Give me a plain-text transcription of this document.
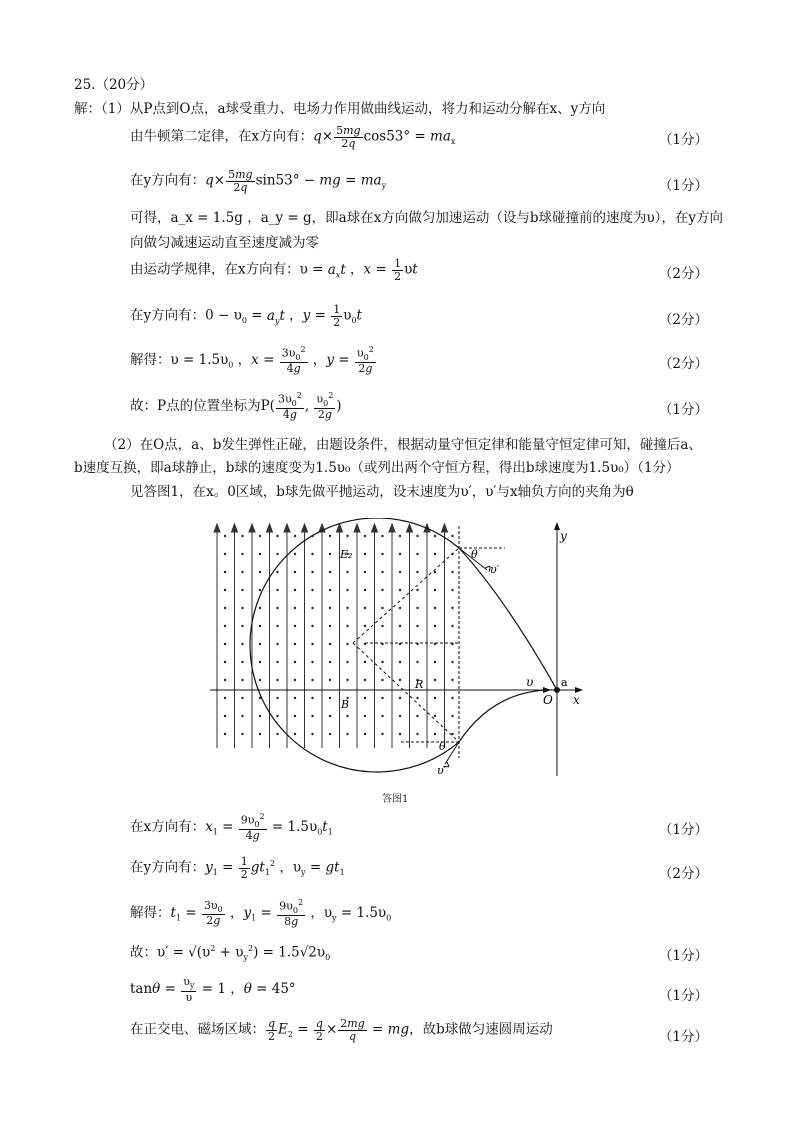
25.（20分）
解：（1）从P点到O点，a球受重力、电场力作用做曲线运动，将力和运动分解在x、y方向
由牛顿第二定律，在x方向有：$q\times \frac{5mg}{2q} \cos 53^\circ = ma_x$	（1分）
在y方向有：$q\times \frac{5mg}{2q} \sin 53^\circ$ − mg = $ma_y$	（1分）
可得，a_x = 1.5g ，a_y = g，即a球在x方向做匀加速运动（设与b球碰撞前的速度为υ），在y方向
向做匀减速运动直至速度减为零
由运动学规律，在x方向有：$\upsilon = a_xt$ ，$x = \frac{1}{2}$ υt	（2分）
在y方向有：$0 - \upsilon_0 = a_yt$ ，$y = \frac{1}{2} \upsilon_0t$	（2分）
解得：$\upsilon = 1.5\upsilon_0$ ，$x = \frac{3\upsilon_0^2}{4g}$ ，$y = \frac{\upsilon_0^2}{2g}$	（2分）
故：P点的位置坐标为$P( \frac{3\upsilon_0^2}{4g}$ , $\frac{\upsilon_0^2}{2g}$ )	（1分）
（2）在O点，a、b发生弹性正碰，由题设条件，根据动量守恒定律和能量守恒定律可知，碰撞后a、
b速度互换，即a球静止，b球的速度变为1.5υ₀（或列出两个守恒方程，得出b球速度为1.5υ₀）（1分）
见答图1，在x。0区域，b球先做平抛运动，设末速度为υ′，υ′与x轴负方向的夹角为θ
y
x
O
a
B
R
E₂
υ
υ′
υ′
θ
θ
答图1
在x方向有：$x_1 = \frac{9\upsilon_0^2}{4g} = 1.5\upsilon_0t_1$	（1分）
在y方向有：$y_1 = \frac{1}{2} gt_1^2$ ，$\upsilon_y = gt_1$	（2分）
解得：$t_1 = \frac{3\upsilon_0}{2g}$ ，$y_1 = \frac{9\upsilon_0^2}{8g}$ ，$\upsilon_y = 1.5\upsilon_0$
故：$\upsilon' = √(\upsilon^2 + \upsilon_y^2) = 1.5√2\upsilon_0$	（1分）
$\tan\theta = \frac{\upsilon_y}{\upsilon} = 1$ ，θ = 45°	（1分）
在正交电、磁场区域： $\frac{q}{2} E_2 = \frac{q}{2} \times \frac{2mg}{q}$ = mg，故b球做匀速圆周运动	（1分）
